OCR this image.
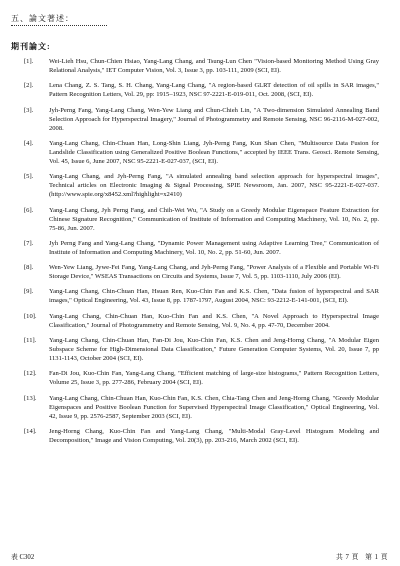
五、論文著述：
期刊論文:
[1]. Wei-Lieh Hsu, Chun-Chien Hsiao, Yang-Lang Chang, and Tsung-Lun Chen "Vision-based Monitoring Method Using Gray Relational Analysis," IET Computer Vision, Vol. 3, Issue 3, pp. 103-111, 2009 (SCI, EI).
[2]. Lena Chang, Z. S. Tang, S. H. Chang, Yang-Lang Chang, "A region-based GLRT detection of oil spills in SAR images," Pattern Recognition Letters, Vol. 29, pp: 1915–1923, NSC 97-2221-E-019-011, Oct. 2008, (SCI, EI).
[3]. Jyh-Perng Fang, Yang-Lang Chang, Wen-Yew Liang and Chun-Chieh Lin, "A Two-dimension Simulated Annealing Band Selection Approach for Hyperspectral Imagery," Journal of Photogrammetry and Remote Sensing, NSC 96-2116-M-027-002, 2008.
[4]. Yang-Lang Chang, Chin-Chuan Han, Long-Shin Liang, Jyh-Perng Fang, Kun Shan Chen, "Multisource Data Fusion for Landslide Classification using Generalized Positive Boolean Functions," accepted by IEEE Trans. Geosci. Remote Sensing, Vol. 45, Issue 6, June 2007, NSC 95-2221-E-027-037, (SCI, EI).
[5]. Yang-Lang Chang, and Jyh-Perng Fang, "A simulated annealing band selection approach for hyperspectral images", Technical articles on Electronic Imaging & Signal Processing, SPIE Newsroom, Jan. 2007, NSC 95-2221-E-027-037. (http://www.spie.org/x8452.xml?highlight=x2410)
[6]. Yang-Lang Chang, Jyh Perng Fang, and Chih-Wei Wu, "A Study on a Greedy Modular Eigenspace Feature Extraction for Chinese Signature Recognition," Communication of Institute of Information and Computing Machinery, Vol. 10, No. 2, pp. 75-86, Jun. 2007.
[7]. Jyh Perng Fang and Yang-Lang Chang, "Dynamic Power Management using Adaptive Learning Tree," Communication of Institute of Information and Computing Machinery, Vol. 10, No. 2, pp. 51-60, Jun. 2007.
[8]. Wen-Yew Liang, Jywe-Fei Fang, Yang-Lang Chang, and Jyh-Perng Fang, "Power Analysis of a Flexible and Portable Wi-Fi Storage Device," WSEAS Transactions on Circuits and Systems, Issue 7, Vol. 5, pp. 1103-1110, July 2006 (EI).
[9]. Yang-Lang Chang, Chin-Chuan Han, Hsuan Ren, Kuo-Chin Fan and K.S. Chen, "Data fusion of hyperspectral and SAR images," Optical Engineering, Vol. 43, Issue 8, pp. 1787-1797, August 2004, NSC: 93-2212-E-141-001, (SCI, EI).
[10]. Yang-Lang Chang, Chin-Chuan Han, Kuo-Chin Fan and K.S. Chen, "A Novel Approach to Hyperspectral Image Classification," Journal of Photogrammetry and Remote Sensing, Vol. 9, No. 4, pp. 47-70, December 2004.
[11]. Yang-Lang Chang, Chin-Chuan Han, Fan-Di Jou, Kuo-Chin Fan, K.S. Chen and Jeng-Horng Chang, "A Modular Eigen Subspace Scheme for High-Dimensional Data Classification," Future Generation Computer Systems, Vol. 20, Issue 7, pp 1131-1143, October 2004 (SCI, EI).
[12]. Fan-Di Jou, Kuo-Chin Fan, Yang-Lang Chang, "Efficient matching of large-size histograms," Pattern Recognition Letters, Volume 25, Issue 3, pp. 277-286, February 2004 (SCI, EI).
[13]. Yang-Lang Chang, Chin-Chuan Han, Kuo-Chin Fan, K.S. Chen, Chia-Tang Chen and Jeng-Horng Chang, "Greedy Modular Eigenspaces and Positive Boolean Function for Supervised Hyperspectral Image Classification," Optical Engineering, Vol. 42, Issue 9, pp. 2576-2587, September 2003 (SCI, EI).
[14]. Jeng-Horng Chang, Kuo-Chin Fan and Yang-Lang Chang, "Multi-Modal Gray-Level Histogram Modeling and Decomposition," Image and Vision Computing, Vol. 20(3), pp. 203-216, March 2002 (SCI, EI).
表 C302	共 7 頁 第 1 頁
